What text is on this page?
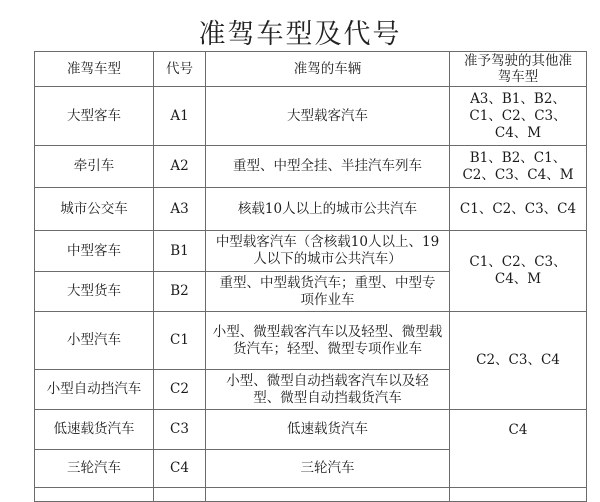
准驾车型及代号
准驾车型	代号	准驾的车辆	准予驾驶的其他准驾车型
大型客车	A1	大型载客汽车	A3、B1、B2、C1、C2、C3、C4、M
牵引车	A2	重型、中型全挂、半挂汽车列车	B1、B2、C1、C2、C3、C4、M
城市公交车	A3	核载10人以上的城市公共汽车	C1、C2、C3、C4
中型客车	B1	中型载客汽车（含核载10人以上、19人以下的城市公共汽车）	C1、C2、C3、C4、M
大型货车	B2	重型、中型载货汽车；重型、中型专项作业车	
小型汽车	C1	小型、微型载客汽车以及轻型、微型载货汽车；轻型、微型专项作业车	C2、C3、C4
小型自动挡汽车	C2	小型、微型自动挡载客汽车以及轻型、微型自动挡载货汽车	
低速载货汽车	C3	低速载货汽车	C4
三轮汽车	C4	三轮汽车	
